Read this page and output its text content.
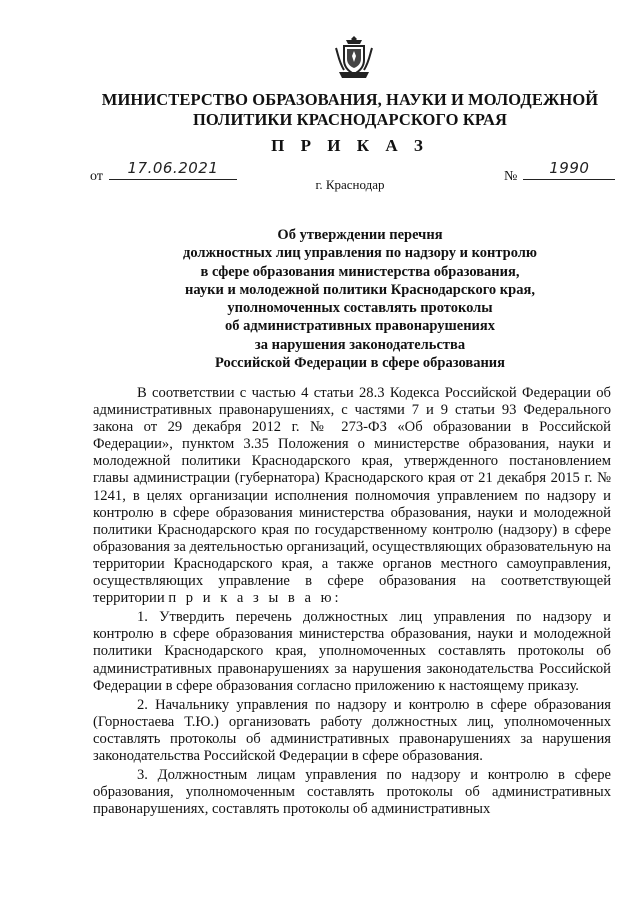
МИНИСТЕРСТВО ОБРАЗОВАНИЯ, НАУКИ И МОЛОДЕЖНОЙ
ПОЛИТИКИ КРАСНОДАРСКОГО КРАЯ
П Р И К А З
от	17.06.2021	№	1990
г. Краснодар
Об утверждении перечня
должностных лиц управления по надзору и контролю
в сфере образования министерства образования,
науки и молодежной политики Краснодарского края,
уполномоченных составлять протоколы
об административных правонарушениях
за нарушения законодательства
Российской Федерации в сфере образования

В соответствии с частью 4 статьи 28.3 Кодекса Российской Федерации об административных правонарушениях, с частями 7 и 9 статьи 93 Федерального закона от 29 декабря 2012 г. № 273-ФЗ «Об образовании в Российской Федерации», пунктом 3.35 Положения о министерстве образования, науки и молодежной политики Краснодарского края, утвержденного постановлением главы администрации (губернатора) Краснодарского края от 21 декабря 2015 г. № 1241, в целях организации исполнения полномочия управлением по надзору и контролю в сфере образования министерства образования, науки и молодежной политики Краснодарского края по государственному контролю (надзору) в сфере образования за деятельностью организаций, осуществляющих образовательную на территории Краснодарского края, а также органов местного самоуправления, осуществляющих управление в сфере образования на соответствующей территории п р и к а з ы в а ю:

1. Утвердить перечень должностных лиц управления по надзору и контролю в сфере образования министерства образования, науки и молодежной политики Краснодарского края, уполномоченных составлять протоколы об административных правонарушениях за нарушения законодательства Российской Федерации в сфере образования согласно приложению к настоящему приказу.

2. Начальнику управления по надзору и контролю в сфере образования (Горностаева Т.Ю.) организовать работу должностных лиц, уполномоченных составлять протоколы об административных правонарушениях за нарушения законодательства Российской Федерации в сфере образования.

3. Должностным лицам управления по надзору и контролю в сфере образования, уполномоченным составлять протоколы об административных правонарушениях, составлять протоколы об административных
